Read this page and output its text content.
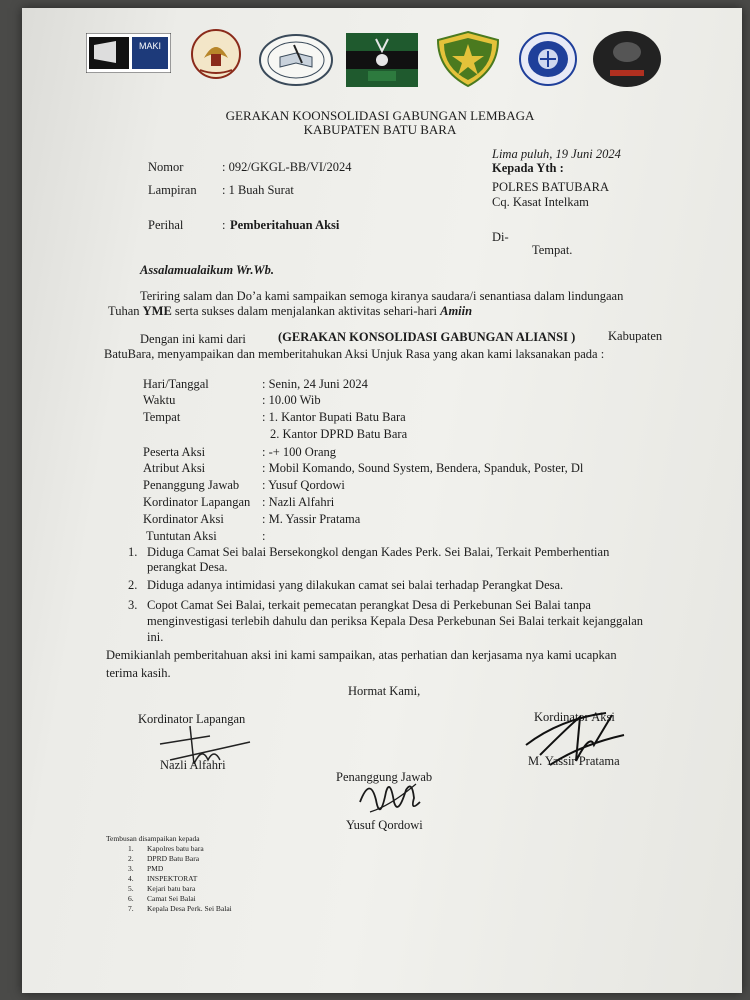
MAKI
GERAKAN KOONSOLIDASI GABUNGAN LEMBAGA
KABUPATEN BATU BARA
Nomor	: 092/GKGL-BB/VI/2024
Lampiran : 1 Buah Surat
Perihal	: Pemberitahuan Aksi
Lima puluh, 19 Juni 2024
Kepada Yth :
POLRES BATUBARA
Cq. Kasat Intelkam
Di-
Tempat.
Assalamualaikum Wr.Wb.
Teriring salam dan Do’a kami sampaikan semoga kiranya saudara/i senantiasa dalam lindungaan
Tuhan YME serta sukses dalam menjalankan aktivitas sehari-hari Amiin
Dengan ini kami dari	(GERAKAN KONSOLIDASI GABUNGAN ALIANSI )	Kabupaten
BatuBara, menyampaikan dan memberitahukan Aksi Unjuk Rasa yang akan kami laksanakan pada :
Hari/Tanggal	: Senin, 24 Juni 2024
Waktu	: 10.00 Wib
Tempat	: 1. Kantor Bupati Batu Bara
2. Kantor DPRD Batu Bara
Peserta Aksi	: -+ 100 Orang
Atribut Aksi	: Mobil Komando, Sound System, Bendera, Spanduk, Poster, Dl
Penanggung Jawab : Yusuf Qordowi
Kordinator Lapangan : Nazli Alfahri
Kordinator Aksi	: M. Yassir Pratama
Tuntutan Aksi	:
1. Diduga Camat Sei balai Bersekongkol dengan Kades Perk. Sei Balai, Terkait Pemberhentian
perangkat Desa.
2. Diduga adanya intimidasi yang dilakukan camat sei balai terhadap Perangkat Desa.
3. Copot Camat Sei Balai, terkait pemecatan perangkat Desa di Perkebunan Sei Balai tanpa
menginvestigasi terlebih dahulu dan periksa Kepala Desa Perkebunan Sei Balai terkait kejanggalan
ini.
Demikianlah pemberitahuan aksi ini kami sampaikan, atas perhatian dan kerjasama nya kami ucapkan
terima kasih.
Hormat Kami,
Kordinator Lapangan
Nazli Alfahri
Kordinator Aksi
M. Yassir Pratama
Penanggung Jawab
Yusuf Qordowi
Tembusan disampaikan kepada
1. Kapolres batu bara
2. DPRD Batu Bara
3. PMD
4. INSPEKTORAT
5. Kejari batu bara
6. Camat Sei Balai
7. Kepala Desa Perk. Sei Balai
